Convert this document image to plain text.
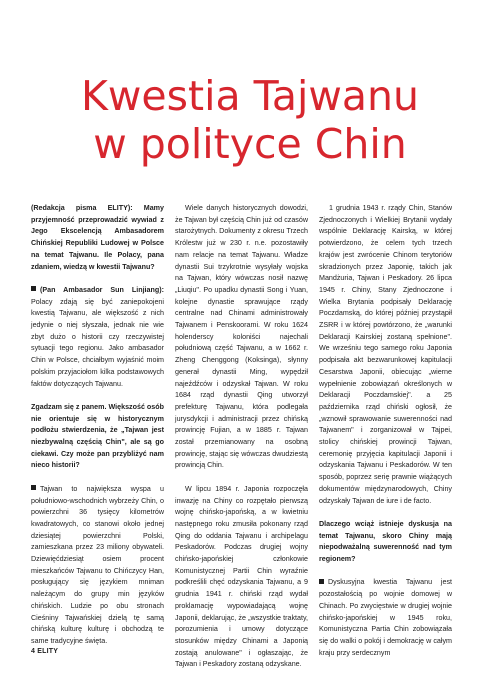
Kwestia Tajwanu
w polityce Chin

(Redakcja pisma ELITY): Mamy przyjemność przeprowadzić wywiad z Jego Ekscelencją Ambasadorem Chińskiej Republiki Ludowej w Polsce na temat Tajwanu. Ile Polacy, pana zdaniem, wiedzą w kwestii Tajwanu?

(Pan Ambasador Sun Linjiang): Polacy zdają się być zaniepokojeni kwestią Tajwanu, ale większość z nich jedynie o niej słyszała, jednak nie wie zbyt dużo o historii czy rzeczywistej sytuacji tego regionu. Jako ambasador Chin w Polsce, chciałbym wyjaśnić moim polskim przyjaciołom kilka podstawowych faktów dotyczących Tajwanu.

Zgadzam się z panem. Większość osób nie orientuje się w historycznym podłożu stwierdzenia, że „Tajwan jest niezbywalną częścią Chin", ale są go ciekawi. Czy może pan przybliżyć nam nieco historii?

Tajwan to największa wyspa u południowo-wschodnich wybrzeży Chin, o powierzchni 36 tysięcy kilometrów kwadratowych, co stanowi około jednej dziesiątej powierzchni Polski, zamieszkana przez 23 miliony obywateli. Dziewięćdziesiąt osiem procent mieszkańców Tajwanu to Chińczycy Han, posługujący się językiem mniman należącym do grupy min języków chińskich. Ludzie po obu stronach Cieśniny Tajwańskiej dzielą tę samą chińską kulturę kulturę i obchodzą te same tradycyjne święta.

Wiele danych historycznych dowodzi, że Tajwan był częścią Chin już od czasów starożytnych. Dokumenty z okresu Trzech Królestw już w 230 r. n.e. pozostawiły nam relacje na temat Tajwanu. Władze dynastii Sui trzykrotnie wysyłały wojska na Tajwan, który wówczas nosił nazwę „Liuqiu". Po upadku dynastii Song i Yuan, kolejne dynastie sprawujące rządy centralne nad Chinami administrowały Tajwanem i Penskoorami. W roku 1624 holenderscy koloniści najechali południową część Tajwanu, a w 1662 r. Zheng Chenggong (Koksinga), słynny generał dynastii Ming, wypędził najeźdźców i odzyskał Tajwan. W roku 1684 rząd dynastii Qing utworzył prefekturę Tajwanu, która podlegała jurysdykcji i administracji przez chińską prowincję Fujian, a w 1885 r. Tajwan został przemianowany na osobną prowincję, stając się wówczas dwudziestą prowincją Chin.

W lipcu 1894 r. Japonia rozpoczęła inwazję na Chiny co rozpętało pierwszą wojnę chińsko-japońską, a w kwietniu następnego roku zmusiła pokonany rząd Qing do oddania Tajwanu i archipelagu Peskadorów. Podczas drugiej wojny chińsko-japońskiej członkowie Komunistycznej Partii Chin wyraźnie podkreślili chęć odzyskania Tajwanu, a 9 grudnia 1941 r. chiński rząd wydał proklamację wypowiadającą wojnę Japonii, deklarując, że „wszystkie traktaty, porozumienia i umowy dotyczące stosunków między Chinami a Japonią zostają anulowane" i ogłaszając, że Tajwan i Peskadory zostaną odzyskane.

1 grudnia 1943 r. rządy Chin, Stanów Zjednoczonych i Wielkiej Brytanii wydały wspólnie Deklarację Kairską, w której potwierdzono, że celem tych trzech krajów jest zwrócenie Chinom terytoriów skradzionych przez Japonię, takich jak Mandżuria, Tajwan i Peskadory. 26 lipca 1945 r. Chiny, Stany Zjednoczone i Wielka Brytania podpisały Deklarację Poczdamską, do której później przystąpił ZSRR i w której powtórzono, że „warunki Deklaracji Kairskiej zostaną spełnione". We wrześniu tego samego roku Japonia podpisała akt bezwarunkowej kapitulacji Cesarstwa Japonii, obiecując „wierne wypełnienie zobowiązań określonych w Deklaracji Poczdamskiej". a 25 października rząd chiński ogłosił, że „wznowił sprawowanie suwerenności nad Tajwanem" i zorganizował w Tajpei, stolicy chińskiej prowincji Tajwan, ceremonię przyjęcia kapitulacji Japonii i odzyskania Tajwanu i Peskadorów. W ten sposób, poprzez serię prawnie wiążących dokumentów międzynarodowych, Chiny odzyskały Tajwan de iure i de facto.

Dlaczego wciąż istnieje dyskusja na temat Tajwanu, skoro Chiny mają niepodważalną suwerenność nad tym regionem?

Dyskusyjna kwestia Tajwanu jest pozostałością po wojnie domowej w Chinach. Po zwycięstwie w drugiej wojnie chińsko-japońskiej w 1945 roku, Komunistyczna Partia Chin zobowiązała się do walki o pokój i demokrację w całym kraju przy serdecznym

4 ELITY
